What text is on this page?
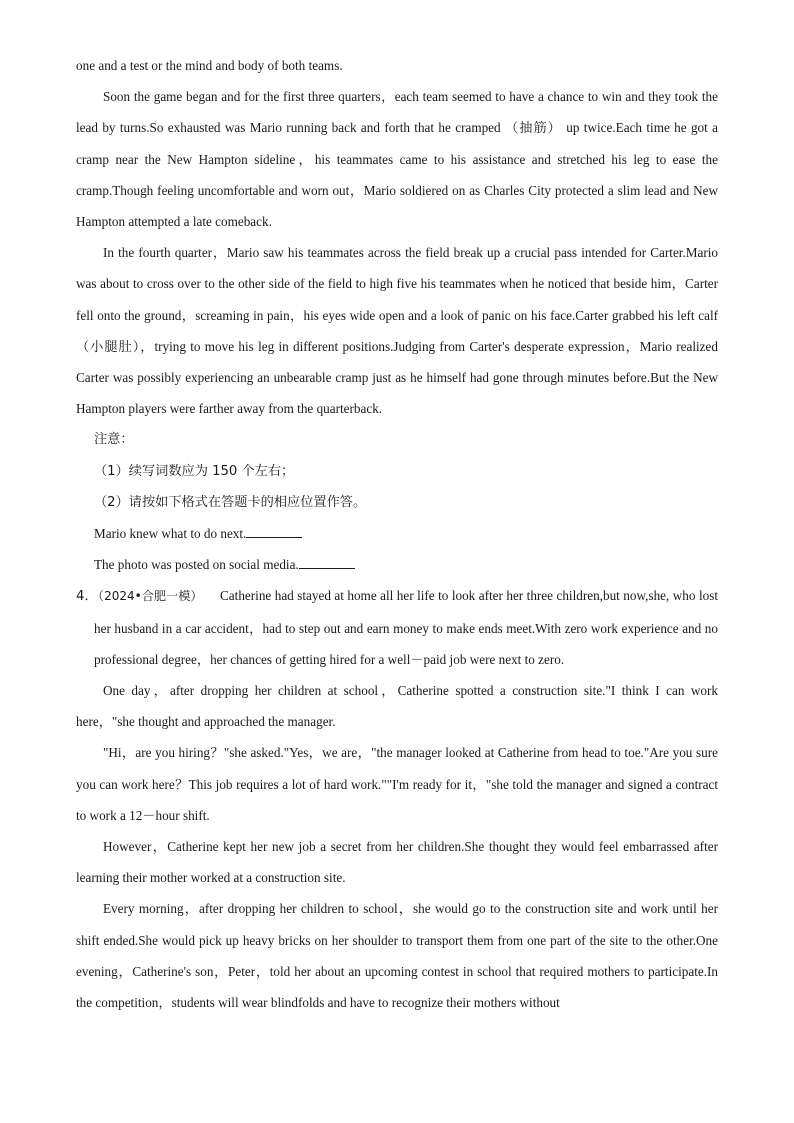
one and a test or the mind and body of both teams.

Soon the game began and for the first three quarters，each team seemed to have a chance to win and they took the lead by turns.So exhausted was Mario running back and forth that he cramped （抽筋） up twice.Each time he got a cramp near the New Hampton sideline，his teammates came to his assistance and stretched his leg to ease the cramp.Though feeling uncomfortable and worn out，Mario soldiered on as Charles City protected a slim lead and New Hampton attempted a late comeback.

In the fourth quarter，Mario saw his teammates across the field break up a crucial pass intended for Carter.Mario was about to cross over to the other side of the field to high five his teammates when he noticed that beside him，Carter fell onto the ground，screaming in pain，his eyes wide open and a look of panic on his face.Carter grabbed his left calf （小腿肚），trying to move his leg in different positions.Judging from Carter's desperate expression，Mario realized Carter was possibly experiencing an unbearable cramp just as he himself had gone through minutes before.But the New Hampton players were farther away from the quarterback.

注意：

（1）续写词数应为 150 个左右；

（2）请按如下格式在答题卡的相应位置作答。

Mario knew what to do next.

The photo was posted on social media.

4．（2024•合肥一模） Catherine had stayed at home all her life to look after her three children,but now,she, who lost her husband in a car accident，had to step out and earn money to make ends meet.With zero work experience and no professional degree，her chances of getting hired for a well－paid job were next to zero.

One day，after dropping her children at school，Catherine spotted a construction site."I think I can work here，"she thought and approached the manager.

"Hi，are you hiring？"she asked."Yes，we are，"the manager looked at Catherine from head to toe."Are you sure you can work here？This job requires a lot of hard work.""I'm ready for it，"she told the manager and signed a contract to work a 12－hour shift.

However，Catherine kept her new job a secret from her children.She thought they would feel embarrassed after learning their mother worked at a construction site.

Every morning，after dropping her children to school，she would go to the construction site and work until her shift ended.She would pick up heavy bricks on her shoulder to transport them from one part of the site to the other.One evening，Catherine's son，Peter，told her about an upcoming contest in school that required mothers to participate.In the competition，students will wear blindfolds and have to recognize their mothers without
